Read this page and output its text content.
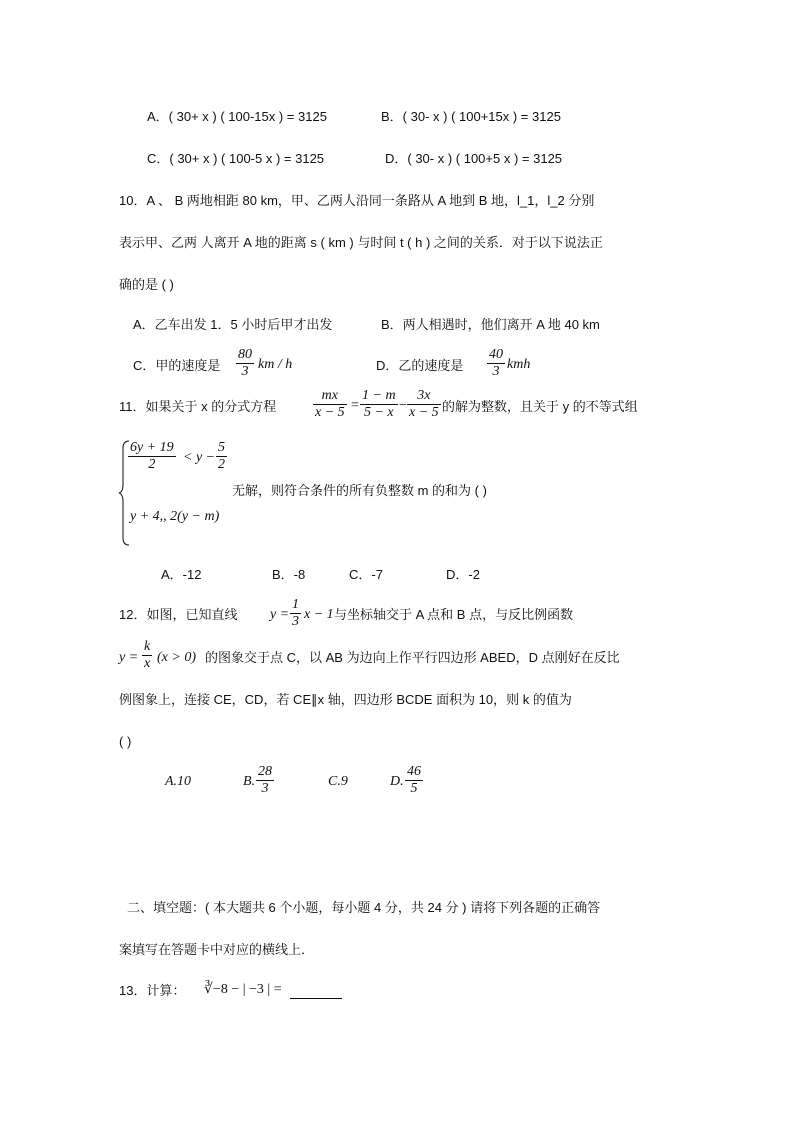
A．( 30+ x ) ( 100-15x ) = 3125	B．( 30- x ) ( 100+15x ) = 3125
C．( 30+ x ) ( 100-5 x ) = 3125	D．( 30- x ) ( 100+5 x ) = 3125
10．A 、 B 两地相距 80 km，甲、乙两人沿同一条路从 A 地到 B 地，l_1，l_2 分别
表示甲、乙两 人离开 A 地的距离 s ( km ) 与时间 t ( h ) 之间的关系．对于以下说法正
确的是 ( )
A．乙车出发 1．5 小时后甲才出发	B．两人相遇时，他们离开 A 地 40 km
C．甲的速度是
80
3 km / h	D．乙的速度是
40
3 kmh
11．如果关于 x 的分式方程
mx
x − 5 =
1 − m
5 − x −
3x
x − 5 的解为整数，且关于 y 的不等式组
6y + 19
2 < y −
5
2
无解，则符合条件的所有负整数 m 的和为 ( )
y + 4,, 2(y − m)
A．-12	B．-8	C．-7	D．-2
12．如图，已知直线 y =
1
3 x − 1 与坐标轴交于 A 点和 B 点，与反比例函数
y =
k
x (x > 0) 的图象交于点 C，以 AB 为边向上作平行四边形 ABED，D 点刚好在反比
例图象上，连接 CE，CD，若 CE∥x 轴，四边形 BCDE 面积为 10，则 k 的值为
( )
A.10	B.
28
3	C.9	D.
46
5
二、填空题：( 本大题共 6 个小题，每小题 4 分，共 24 分 ) 请将下列各题的正确答
案填写在答题卡中对应的横线上．
13．计算： ∛−8 − | −3 | =
